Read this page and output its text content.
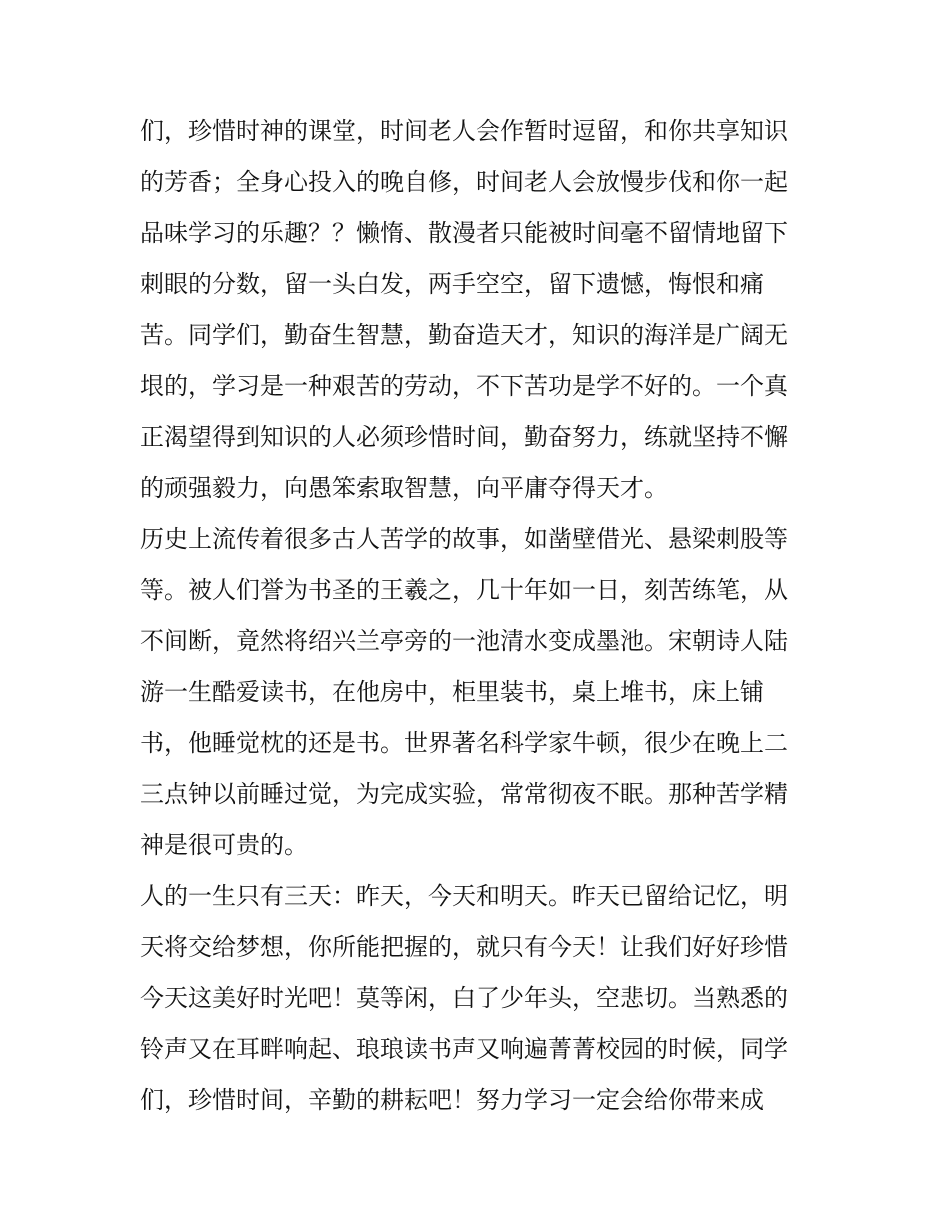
们，珍惜时神的课堂，时间老人会作暂时逗留，和你共享知识
的芳香；全身心投入的晚自修，时间老人会放慢步伐和你一起
品味学习的乐趣？？懒惰、散漫者只能被时间毫不留情地留下
刺眼的分数，留一头白发，两手空空，留下遗憾，悔恨和痛
苦。同学们，勤奋生智慧，勤奋造天才，知识的海洋是广阔无
垠的，学习是一种艰苦的劳动，不下苦功是学不好的。一个真
正渴望得到知识的人必须珍惜时间，勤奋努力，练就坚持不懈
的顽强毅力，向愚笨索取智慧，向平庸夺得天才。
历史上流传着很多古人苦学的故事，如凿壁借光、悬梁刺股等
等。被人们誉为书圣的王羲之，几十年如一日，刻苦练笔，从
不间断，竟然将绍兴兰亭旁的一池清水变成墨池。宋朝诗人陆
游一生酷爱读书，在他房中，柜里装书，桌上堆书，床上铺
书，他睡觉枕的还是书。世界著名科学家牛顿，很少在晚上二
三点钟以前睡过觉，为完成实验，常常彻夜不眠。那种苦学精
神是很可贵的。
人的一生只有三天：昨天，今天和明天。昨天已留给记忆，明
天将交给梦想，你所能把握的，就只有今天！让我们好好珍惜
今天这美好时光吧！莫等闲，白了少年头，空悲切。当熟悉的
铃声又在耳畔响起、琅琅读书声又响遍菁菁校园的时候，同学
们，珍惜时间，辛勤的耕耘吧！努力学习一定会给你带来成
